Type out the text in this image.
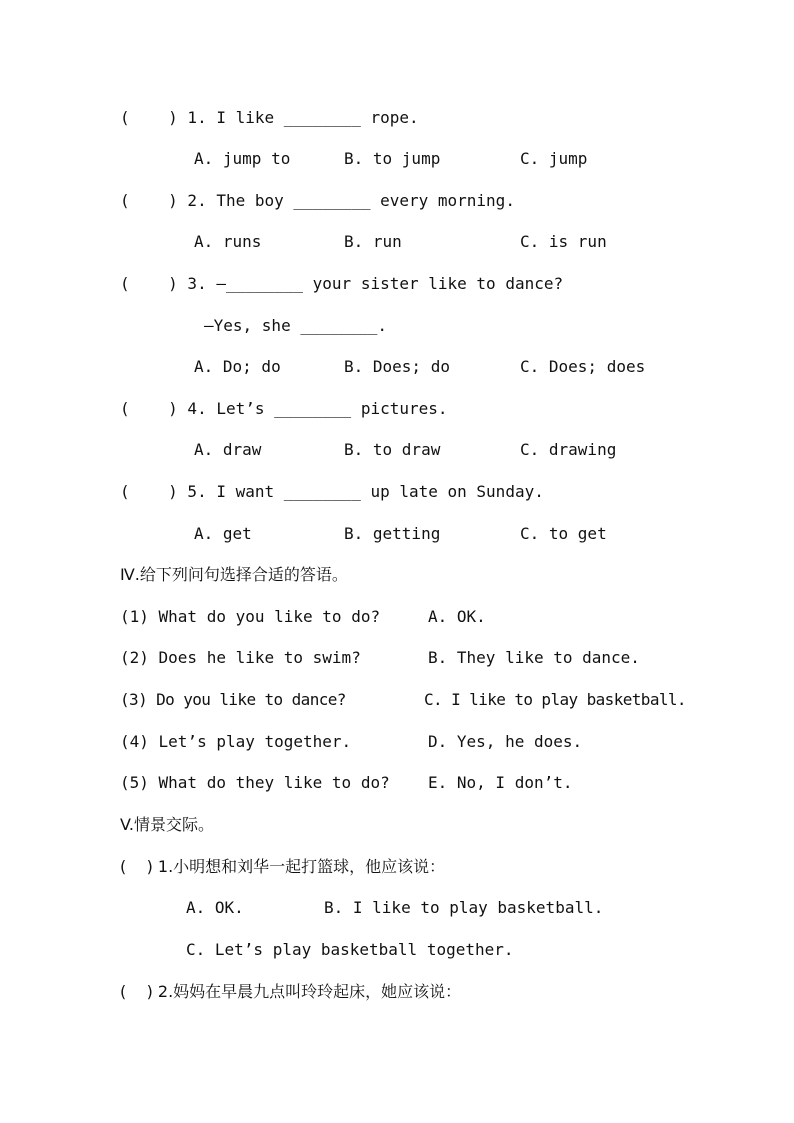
(    ) 1. I like ________ rope.
A. jump to	B. to jump	C. jump
(    ) 2. The boy ________ every morning.
A. runs	B. run	C. is run
(    ) 3. —________ your sister like to dance?
—Yes, she ________.
A. Do; do	B. Does; do	C. Does; does
(    ) 4. Let’s ________ pictures.
A. draw	B. to draw	C. drawing
(    ) 5. I want ________ up late on Sunday.
A. get	B. getting	C. to get
Ⅳ.给下列问句选择合适的答语。
(1) What do you like to do?	A. OK.
(2) Does he like to swim?	B. They like to dance.
(3) Do you like to dance?	C. I like to play basketball.
(4) Let’s play together.	D. Yes, he does.
(5) What do they like to do? E. No, I don’t.
V.情景交际。
(    ) 1.小明想和刘华一起打篮球，他应该说：
A. OK.	B. I like to play basketball.
C. Let’s play basketball together.
(    ) 2.妈妈在早晨九点叫玲玲起床，她应该说：
